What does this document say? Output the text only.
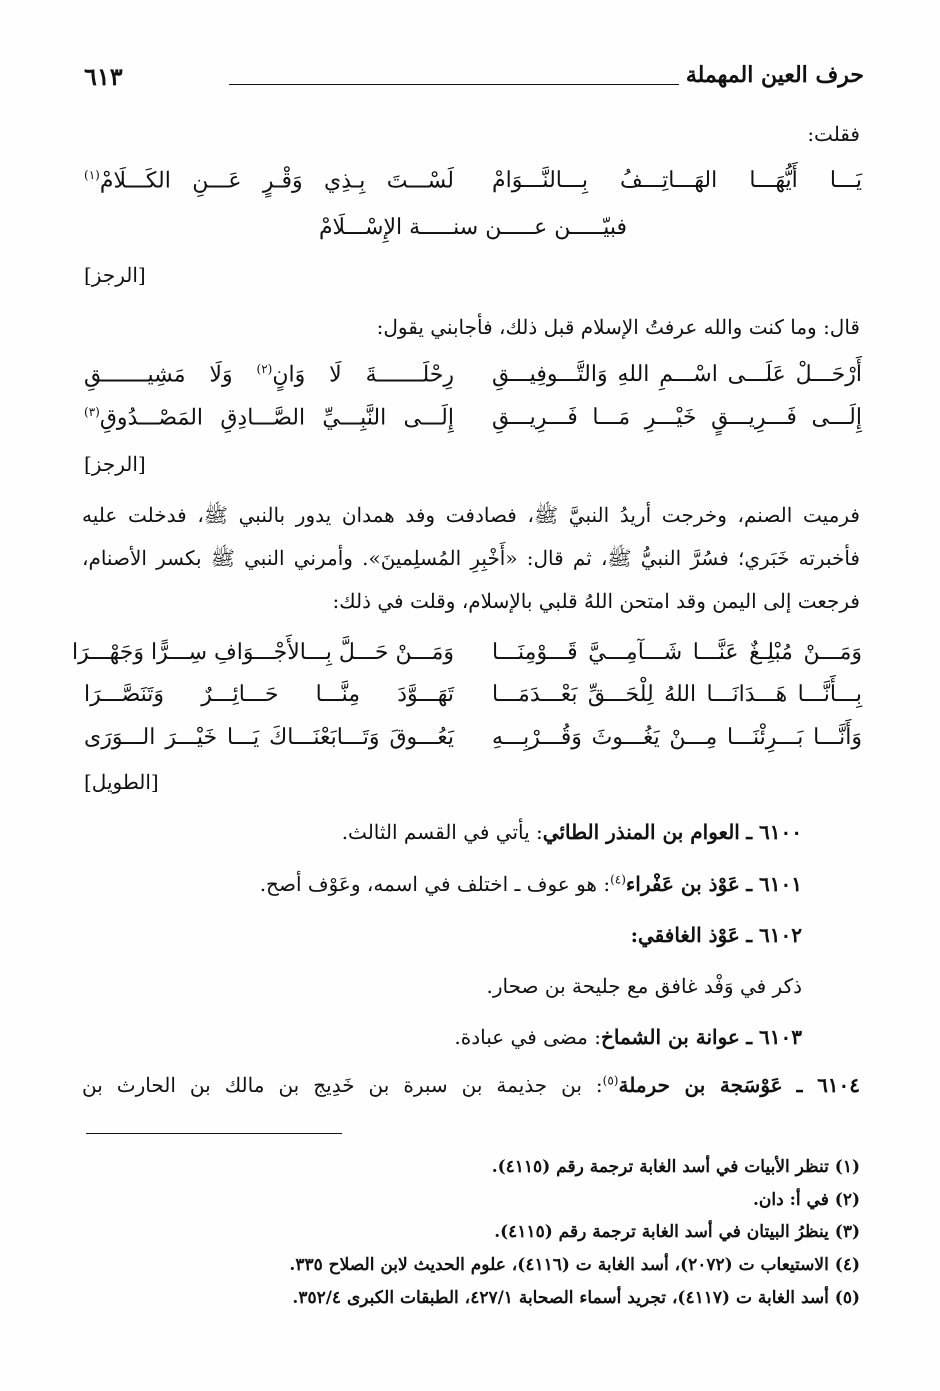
حرف العين المهملة
٦١٣
فقلت:
يَـــا أَيُّهَـــا الهَـــاتِـــفُ بِـــالنَّـــوَامْ
لَسْـــتَ بِـذِي وَقْـرٍ عَـــنِ الكَـــلَامْ$^{(١)}$
فبيّـــــن عـــــن سنـــــة الإِسْـــلَامْ
[الرجز]
قال: وما كنت والله عرفتُ الإسلام قبل ذلك، فأجابني يقول:
أَرْحَـــلْ عَلَـــى اسْـــمِ اللهِ وَالتَّـــوفِيـــقِ
رِحْلَـــــــةَ لَا وَانٍ$^{(٢)}$ وَلَا مَشِيـــــــقِ
إِلَـــى فَـــرِيـــقٍ خَيْـــرِ مَـــا فَـــرِيـــقِ
إِلَـــى النَّبِـــيِّ الصَّـــادِقِ المَصْـــدُوقِ$^{(٣)}$
[الرجز]
فرميت الصنم، وخرجت أريدُ النبيَّ ﷺ، فصادفت وفد همدان يدور بالنبي ﷺ، فدخلت عليه فأخبرته خَبَري؛ فسُرَّ النبيُّ ﷺ، ثم قال: «أَخْبِرِ المُسلِمينَ». وأمرني النبي ﷺ بكسر الأصنام، فرجعت إلى اليمن وقد امتحن اللهُ قلبي بالإسلام، وقلت في ذلك:
وَمَـــنْ مُبْلِـغٌ عَنَّـــا شَـــآمِـــيَّ قَـــوْمِنَـــا
وَمَـــنْ حَـــلَّ بِـــالأَجْـــوَافِ سِـــرًّا وَجَهْـــرَا
بِـــأَنَّـــا هَـــدَانَـــا اللهُ لِلْحَـــقِّ بَعْـــدَمَـــا
تَهَـــوَّدَ مِنَّـــا حَـــائِـــرٌ وَتَنَصَّـــرَا
وَأَنَّـــا بَـــرِئْنَـــا مِـــنْ يَغُـــوثَ وَقُـــرْبِـــهِ
يَعُـــوقَ وَتَـــابَعْنَـــاكَ يَـــا خَيْـــرَ الـــوَرَى
[الطويل]
٦١٠٠ ـ العوام بن المنذر الطائي: يأتي في القسم الثالث.
٦١٠١ ـ عَوْذ بن عَفْراء$^{(٤)}$: هو عوف ـ اختلف في اسمه، وعَوْف أصح.
٦١٠٢ ـ عَوْذ الغافقي:
ذكر في وَفْد غافق مع جليحة بن صحار.
٦١٠٣ ـ عوانة بن الشماخ: مضى في عبادة.
٦١٠٤ ـ عَوْسَجة بن حرملة$^{(٥)}$: بن جذيمة بن سبرة بن خَدِيج بن مالك بن الحارث بن
(١) تنظر الأبيات في أسد الغابة ترجمة رقم (٤١١٥).
(٢) في أ: دان.
(٣) ينظرُ البيتان في أسد الغابة ترجمة رقم (٤١١٥).
(٤) الاستيعاب ت (٢٠٧٢)، أسد الغابة ت (٤١١٦)، علوم الحديث لابن الصلاح ٣٣٥.
(٥) أسد الغابة ت (٤١١٧)، تجريد أسماء الصحابة ٤٢٧/١، الطبقات الكبرى ٣٥٢/٤.
